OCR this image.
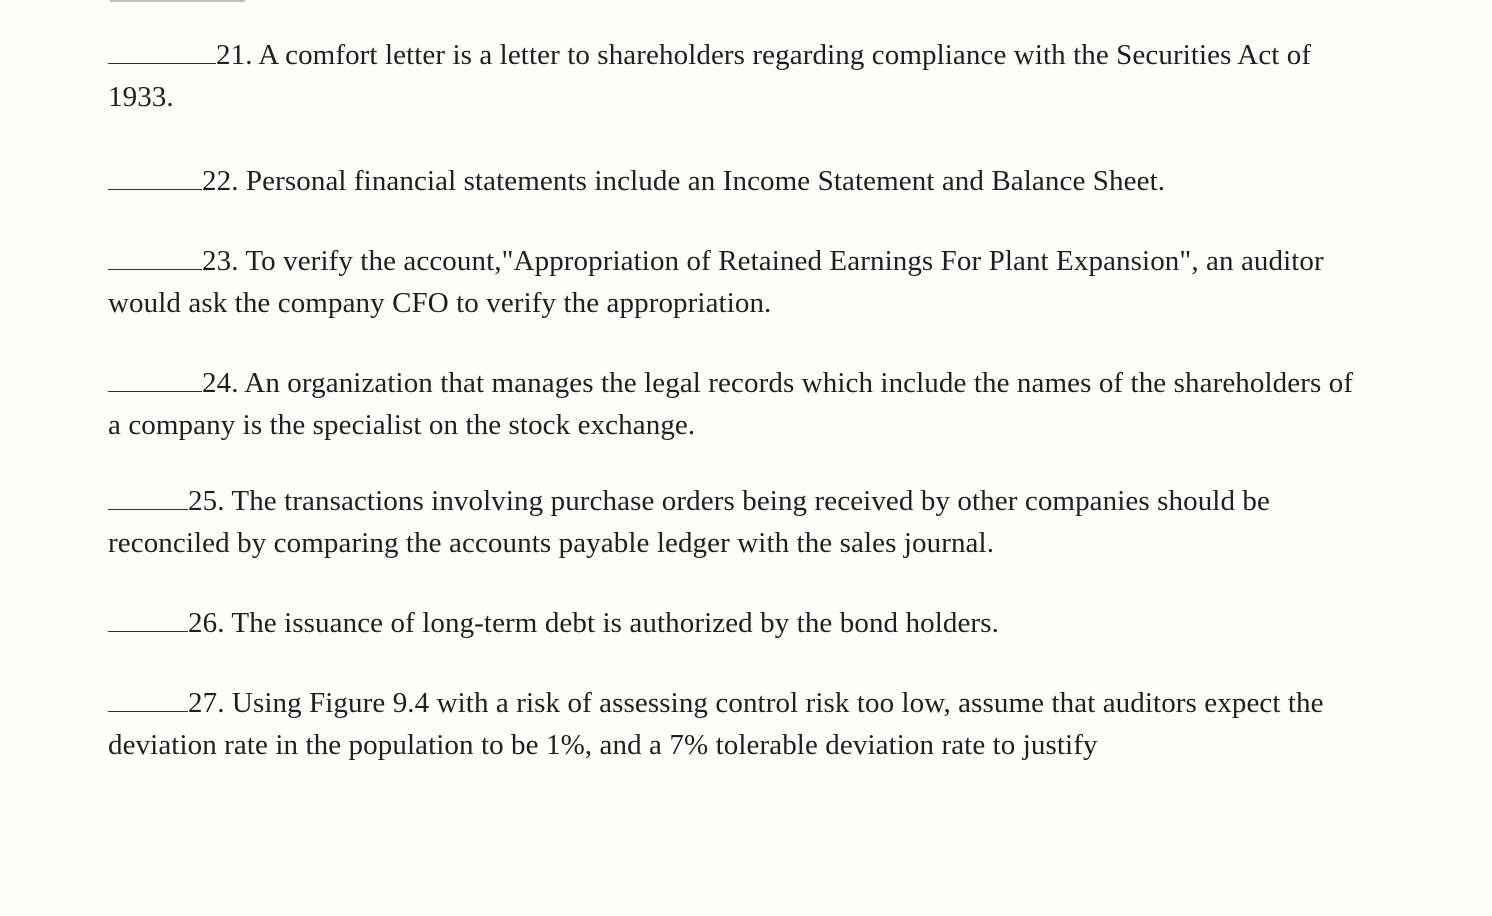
21. A comfort letter is a letter to shareholders regarding compliance with the Securities Act of 1933.
22. Personal financial statements include an Income Statement and Balance Sheet.
23. To verify the account,"Appropriation of Retained Earnings For Plant Expansion", an auditor would ask the company CFO to verify the appropriation.
24. An organization that manages the legal records which include the names of the shareholders of a company is the specialist on the stock exchange.
25. The transactions involving purchase orders being received by other companies should be reconciled by comparing the accounts payable ledger with the sales journal.
26. The issuance of long-term debt is authorized by the bond holders.
27. Using Figure 9.4 with a risk of assessing control risk too low, assume that auditors expect the deviation rate in the population to be 1%, and a 7% tolerable deviation rate to justify
